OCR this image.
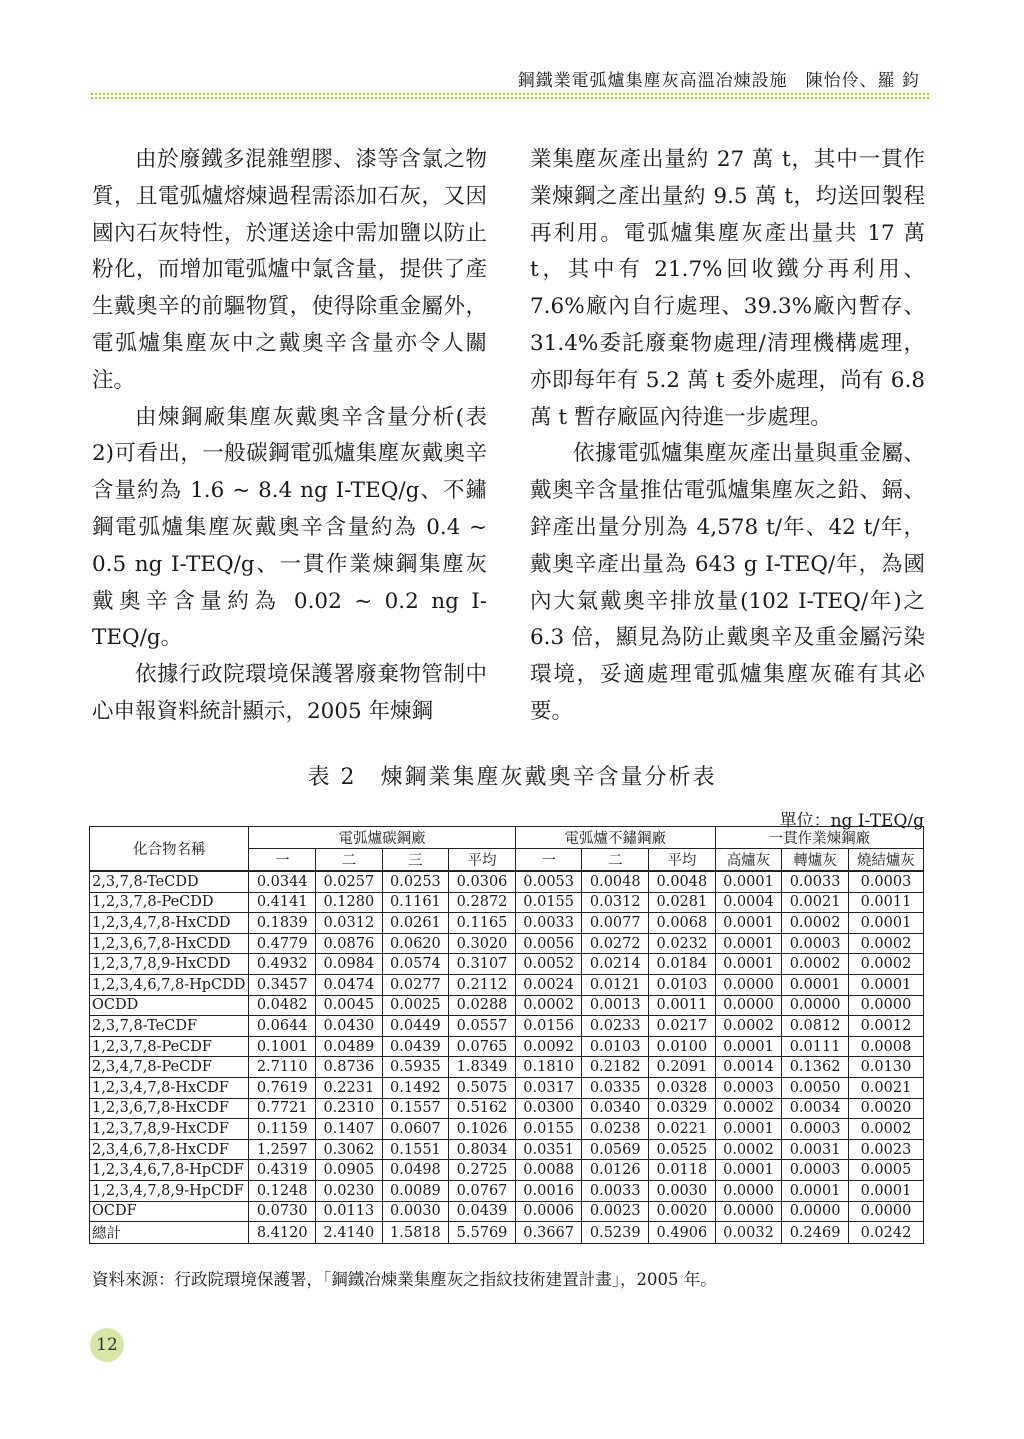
鋼鐵業電弧爐集塵灰高溫冶煉設施　陳怡伶、羅 鈞

由於廢鐵多混雜塑膠、漆等含氯之物質，且電弧爐熔煉過程需添加石灰，又因國內石灰特性，於運送途中需加鹽以防止粉化，而增加電弧爐中氯含量，提供了產生戴奧辛的前驅物質，使得除重金屬外，電弧爐集塵灰中之戴奧辛含量亦令人關注。

由煉鋼廠集塵灰戴奧辛含量分析(表 2)可看出，一般碳鋼電弧爐集塵灰戴奧辛含量約為 1.6 ~ 8.4 ng I-TEQ/g、不鏽鋼電弧爐集塵灰戴奧辛含量約為 0.4 ~ 0.5 ng I-TEQ/g、一貫作業煉鋼集塵灰戴奧辛含量約為 0.02 ~ 0.2 ng I-TEQ/g。

依據行政院環境保護署廢棄物管制中心申報資料統計顯示，2005 年煉鋼

業集塵灰產出量約 27 萬 t，其中一貫作業煉鋼之產出量約 9.5 萬 t，均送回製程再利用。電弧爐集塵灰產出量共 17 萬 t，其中有 21.7%回收鐵分再利用、7.6%廠內自行處理、39.3%廠內暫存、31.4%委託廢棄物處理/清理機構處理，亦即每年有 5.2 萬 t 委外處理，尚有 6.8 萬 t 暫存廠區內待進一步處理。

依據電弧爐集塵灰產出量與重金屬、戴奧辛含量推估電弧爐集塵灰之鉛、鎘、鋅產出量分別為 4,578 t/年、42 t/年，戴奧辛產出量為 643 g I-TEQ/年，為國內大氣戴奧辛排放量(102 I-TEQ/年)之 6.3 倍，顯見為防止戴奧辛及重金屬污染環境，妥適處理電弧爐集塵灰確有其必要。

表 2　煉鋼業集塵灰戴奧辛含量分析表
單位：ng I-TEQ/g
化合物名稱	電弧爐碳鋼廠				電弧爐不鏽鋼廠			一貫作業煉鋼廠		
	一	二	三	平均	一	二	平均	高爐灰	轉爐灰	燒結爐灰
2,3,7,8-TeCDD	0.0344	0.0257	0.0253	0.0306	0.0053	0.0048	0.0048	0.0001	0.0033	0.0003
1,2,3,7,8-PeCDD	0.4141	0.1280	0.1161	0.2872	0.0155	0.0312	0.0281	0.0004	0.0021	0.0011
1,2,3,4,7,8-HxCDD	0.1839	0.0312	0.0261	0.1165	0.0033	0.0077	0.0068	0.0001	0.0002	0.0001
1,2,3,6,7,8-HxCDD	0.4779	0.0876	0.0620	0.3020	0.0056	0.0272	0.0232	0.0001	0.0003	0.0002
1,2,3,7,8,9-HxCDD	0.4932	0.0984	0.0574	0.3107	0.0052	0.0214	0.0184	0.0001	0.0002	0.0002
1,2,3,4,6,7,8-HpCDD	0.3457	0.0474	0.0277	0.2112	0.0024	0.0121	0.0103	0.0000	0.0001	0.0001
OCDD	0.0482	0.0045	0.0025	0.0288	0.0002	0.0013	0.0011	0.0000	0.0000	0.0000
2,3,7,8-TeCDF	0.0644	0.0430	0.0449	0.0557	0.0156	0.0233	0.0217	0.0002	0.0812	0.0012
1,2,3,7,8-PeCDF	0.1001	0.0489	0.0439	0.0765	0.0092	0.0103	0.0100	0.0001	0.0111	0.0008
2,3,4,7,8-PeCDF	2.7110	0.8736	0.5935	1.8349	0.1810	0.2182	0.2091	0.0014	0.1362	0.0130
1,2,3,4,7,8-HxCDF	0.7619	0.2231	0.1492	0.5075	0.0317	0.0335	0.0328	0.0003	0.0050	0.0021
1,2,3,6,7,8-HxCDF	0.7721	0.2310	0.1557	0.5162	0.0300	0.0340	0.0329	0.0002	0.0034	0.0020
1,2,3,7,8,9-HxCDF	0.1159	0.1407	0.0607	0.1026	0.0155	0.0238	0.0221	0.0001	0.0003	0.0002
2,3,4,6,7,8-HxCDF	1.2597	0.3062	0.1551	0.8034	0.0351	0.0569	0.0525	0.0002	0.0031	0.0023
1,2,3,4,6,7,8-HpCDF	0.4319	0.0905	0.0498	0.2725	0.0088	0.0126	0.0118	0.0001	0.0003	0.0005
1,2,3,4,7,8,9-HpCDF	0.1248	0.0230	0.0089	0.0767	0.0016	0.0033	0.0030	0.0000	0.0001	0.0001
OCDF	0.0730	0.0113	0.0030	0.0439	0.0006	0.0023	0.0020	0.0000	0.0000	0.0000
總計	8.4120	2.4140	1.5818	5.5769	0.3667	0.5239	0.4906	0.0032	0.2469	0.0242
資料來源：行政院環境保護署，「鋼鐵冶煉業集塵灰之指紋技術建置計畫」，2005 年。
12
